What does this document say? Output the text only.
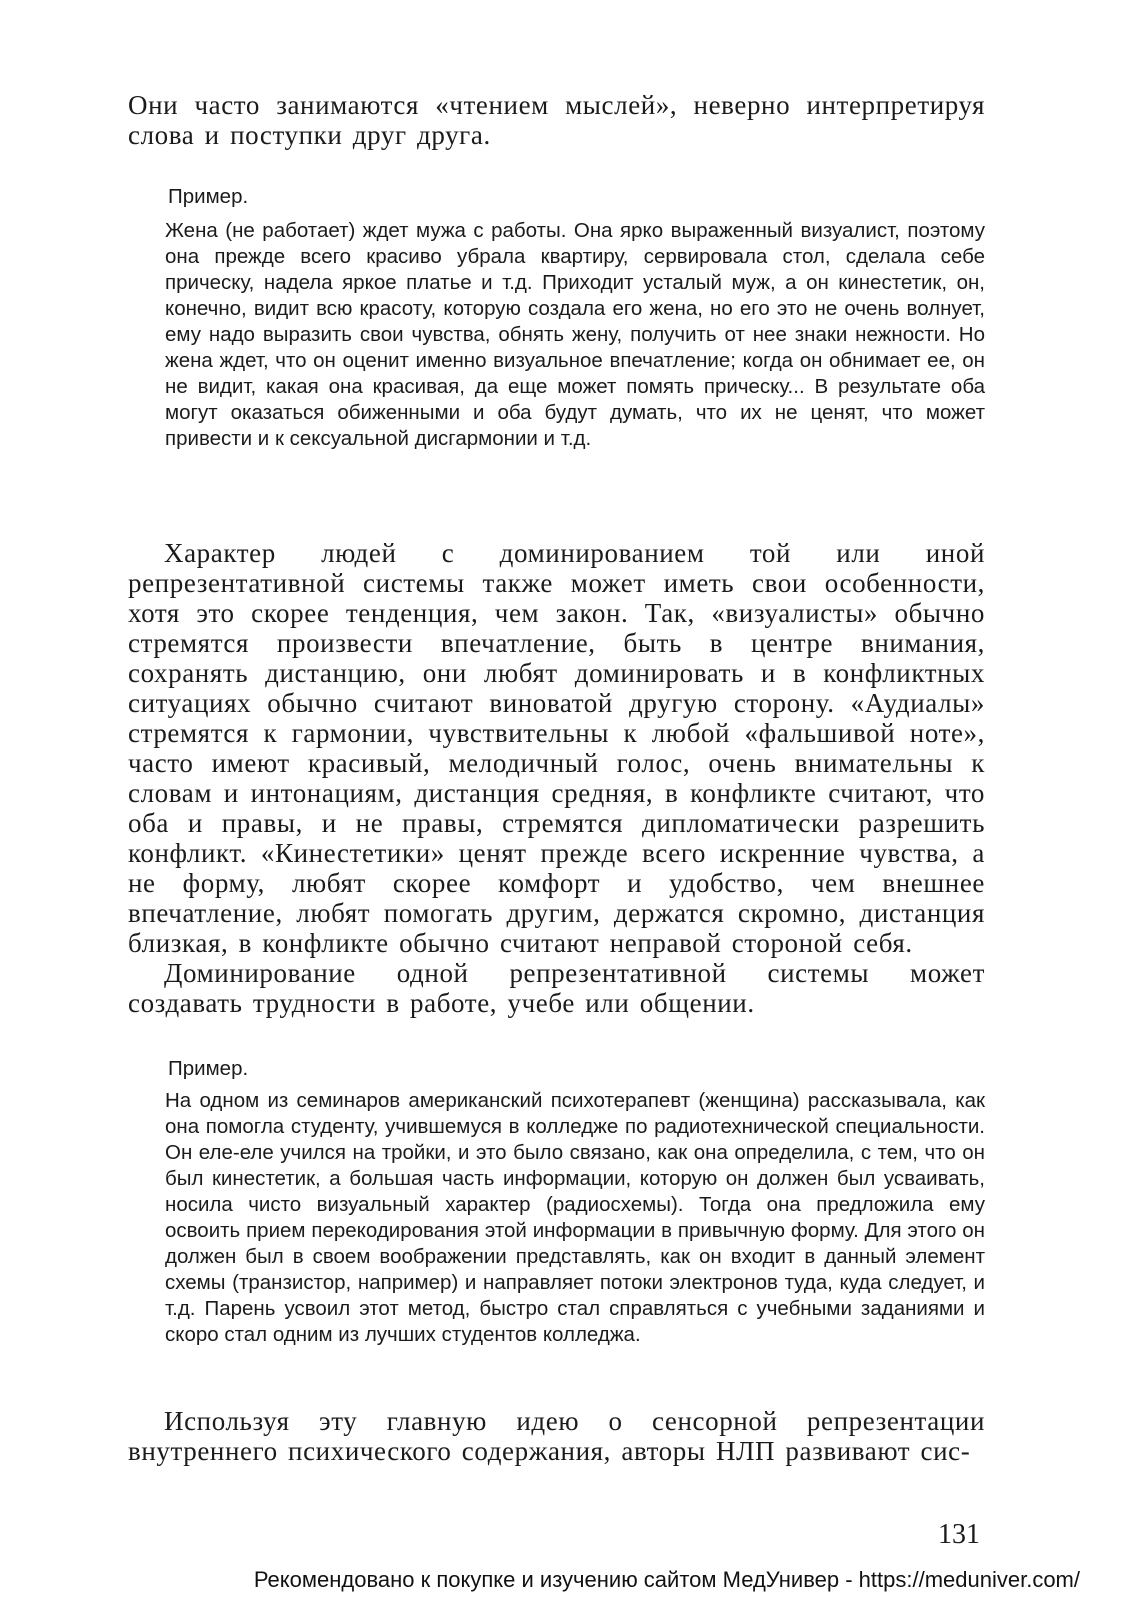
Они часто занимаются «чтением мыслей», неверно интерпретируя слова и поступки друг друга.

Пример.

Жена (не работает) ждет мужа с работы. Она ярко выраженный визуалист, поэтому она прежде всего красиво убрала квартиру, сервировала стол, сделала себе прическу, надела яркое платье и т.д. Приходит усталый муж, а он кинестетик, он, конечно, видит всю красоту, которую создала его жена, но его это не очень волнует, ему надо выразить свои чувства, обнять жену, получить от нее знаки нежности. Но жена ждет, что он оценит именно визуальное впечатление; когда он обнимает ее, он не видит, какая она красивая, да еще может помять прическу... В результате оба могут оказаться обиженными и оба будут думать, что их не ценят, что может привести и к сексуальной дисгармонии и т.д.

Характер людей с доминированием той или иной репрезентативной системы также может иметь свои особенности, хотя это скорее тенденция, чем закон. Так, «визуалисты» обычно стремятся произвести впечатление, быть в центре внимания, сохранять дистанцию, они любят доминировать и в конфликтных ситуациях обычно считают виноватой другую сторону. «Аудиалы» стремятся к гармонии, чувствительны к любой «фальшивой ноте», часто имеют красивый, мелодичный голос, очень внимательны к словам и интонациям, дистанция средняя, в конфликте считают, что оба и правы, и не правы, стремятся дипломатически разрешить конфликт. «Кинестетики» ценят прежде всего искренние чувства, а не форму, любят скорее комфорт и удобство, чем внешнее впечатление, любят помогать другим, держатся скромно, дистанция близкая, в конфликте обычно считают неправой стороной себя.

Доминирование одной репрезентативной системы может создавать трудности в работе, учебе или общении.

Пример.

На одном из семинаров американский психотерапевт (женщина) рассказывала, как она помогла студенту, учившемуся в колледже по радиотехнической специальности. Он еле-еле учился на тройки, и это было связано, как она определила, с тем, что он был кинестетик, а большая часть информации, которую он должен был усваивать, носила чисто визуальный характер (радиосхемы). Тогда она предложила ему освоить прием перекодирования этой информации в привычную форму. Для этого он должен был в своем воображении представлять, как он входит в данный элемент схемы (транзистор, например) и направляет потоки электронов туда, куда следует, и т.д. Парень усвоил этот метод, быстро стал справляться с учебными заданиями и скоро стал одним из лучших студентов колледжа.

Используя эту главную идею о сенсорной репрезентации внутреннего психического содержания, авторы НЛП развивают сис-

131

Рекомендовано к покупке и изучению сайтом МедУнивер - https://meduniver.com/
